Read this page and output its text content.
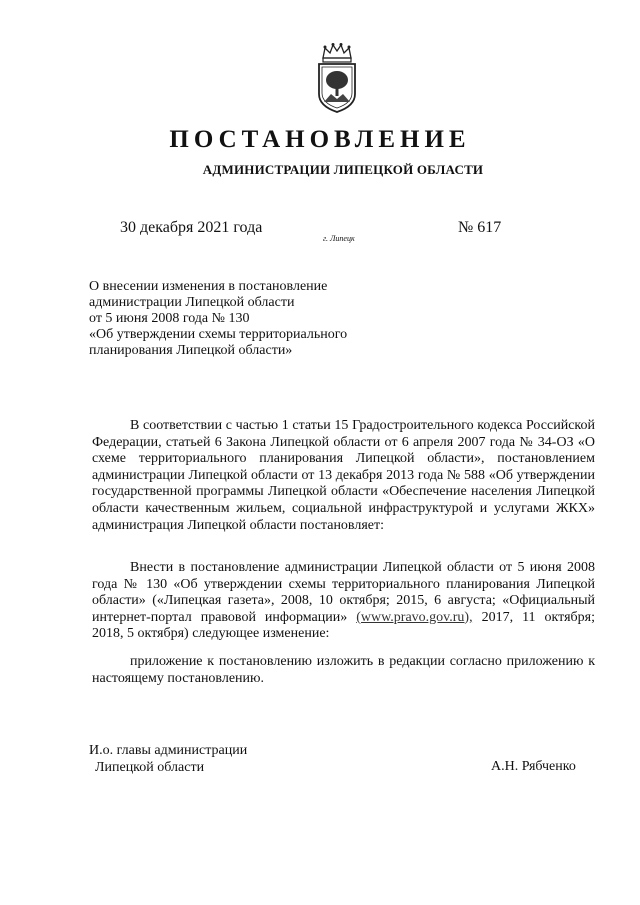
ПОСТАНОВЛЕНИЕ
АДМИНИСТРАЦИИ ЛИПЕЦКОЙ ОБЛАСТИ
30 декабря 2021 года
г. Липецк
№ 617
О внесении изменения в постановление
администрации Липецкой области
от 5 июня 2008 года № 130
«Об утверждении схемы территориального
планирования Липецкой области»

В соответствии с частью 1 статьи 15 Градостроительного кодекса Российской Федерации, статьей 6 Закона Липецкой области от 6 апреля 2007 года № 34-ОЗ «О схеме территориального планирования Липецкой области», постановлением администрации Липецкой области от 13 декабря 2013 года № 588 «Об утверждении государственной программы Липецкой области «Обеспечение населения Липецкой области качественным жильем, социальной инфраструктурой и услугами ЖКХ» администрация Липецкой области постановляет:

Внести в постановление администрации Липецкой области от 5 июня 2008 года № 130 «Об утверждении схемы территориального планирования Липецкой области» («Липецкая газета», 2008, 10 октября; 2015, 6 августа; «Официальный интернет-портал правовой информации» (www.pravo.gov.ru), 2017, 11 октября; 2018, 5 октября) следующее изменение:

приложение к постановлению изложить в редакции согласно приложению к настоящему постановлению.

И.о. главы администрации
Липецкой области	А.Н. Рябченко
